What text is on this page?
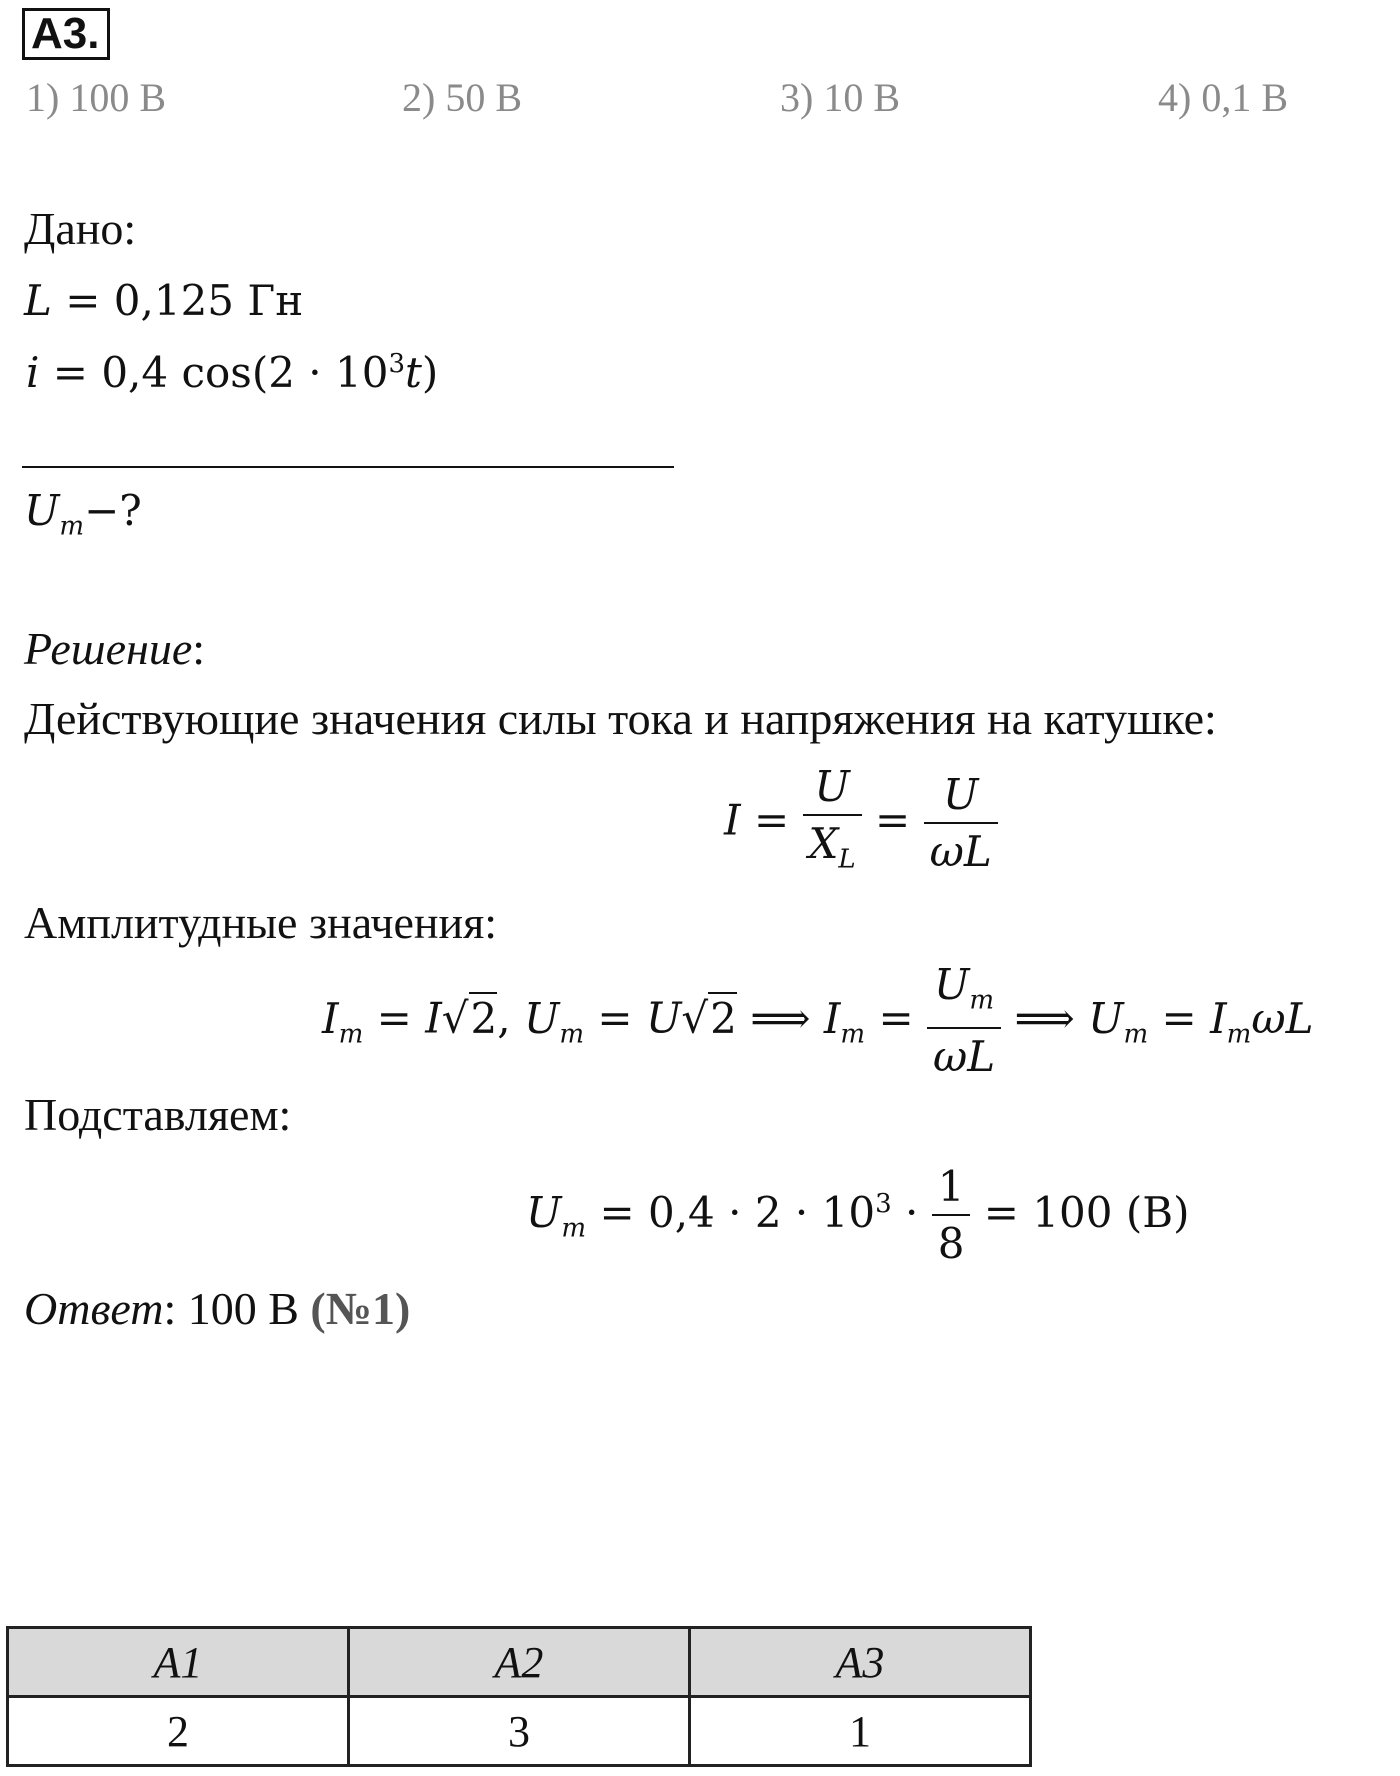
А3.
1) 100 В	2) 50 В	3) 10 В	4) 0,1 В
Дано:
L = 0,125 Гн
i = 0,4 $\cos(2 \cdot 10^3t)$
$U_m-$?
Решение:
Действующие значения силы тока и напряжения на катушке:
$I = \frac{U}{X_L} = \frac{U}{\omega L}$
Амплитудные значения:
$I_m = I√2$, $U_m = U√2$ ⟹ $I_m = \frac{U_m}{\omega L}$ ⟹ $U_m = I_m\omega L$
Подставляем:
$U_m = 0,4 \cdot 2 \cdot 10^3 \cdot \frac{1}{8} = 100$ (В)
Ответ: 100 В (№1)
А1	А2	А3
2	3	1
